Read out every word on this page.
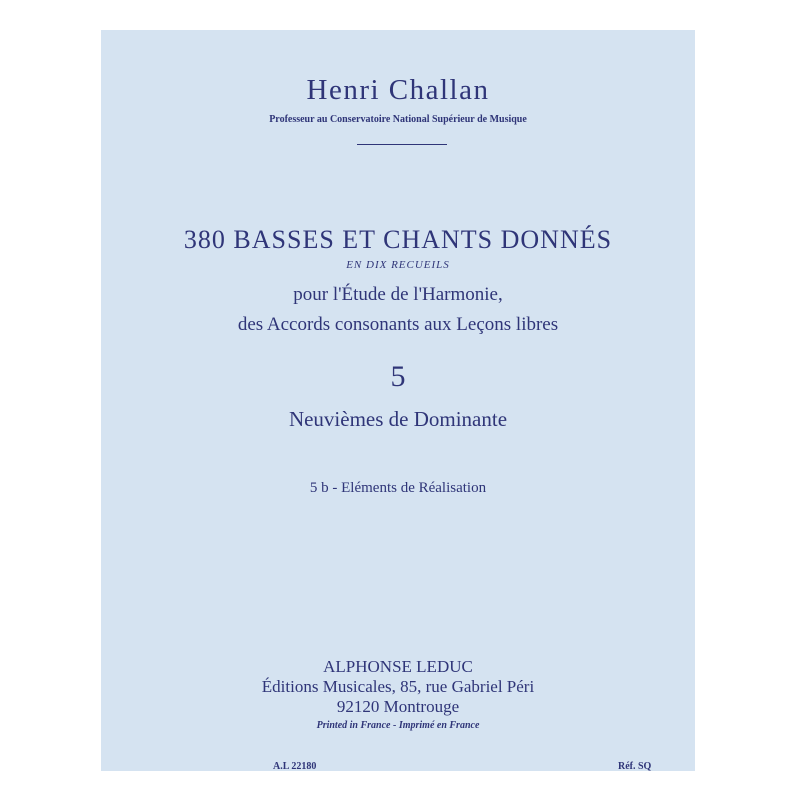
Henri Challan
Professeur au Conservatoire National Supérieur de Musique
380 BASSES ET CHANTS DONNÉS
EN DIX RECUEILS
pour l'Étude de l'Harmonie,
des Accords consonants aux Leçons libres
5
Neuvièmes de Dominante
5 b - Eléments de Réalisation
ALPHONSE LEDUC
Éditions Musicales, 85, rue Gabriel Péri
92120 Montrouge
Printed in France - Imprimé en France
A.L 22180	Réf. SQ
